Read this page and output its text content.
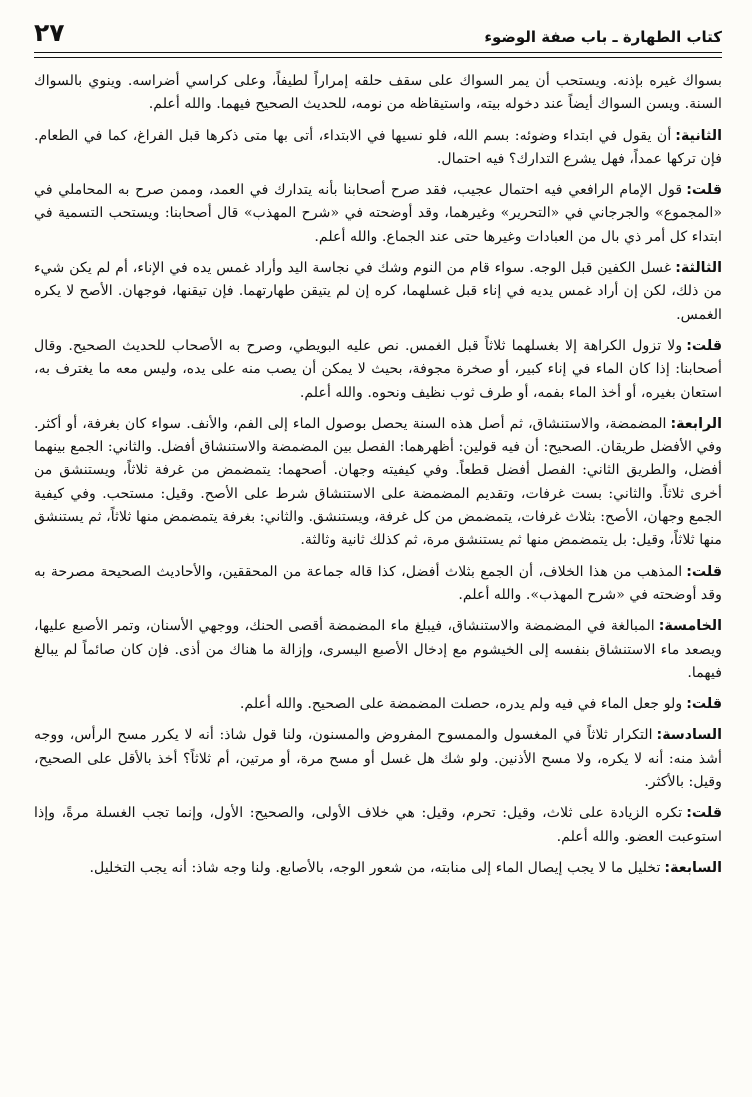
كتاب الطهارة ـ باب صفة الوضوء
٢٧

بسواك غيره بإذنه. ويستحب أن يمر السواك على سقف حلقه إمراراً لطيفاً، وعلى كراسي أضراسه. وينوي بالسواك السنة. ويسن السواك أيضاً عند دخوله بيته، واستيقاظه من نومه، للحديث الصحيح فيهما. والله أعلم.

الثانية:أن يقول في ابتداء وضوئه: بسم الله، فلو نسيها في الابتداء، أتى بها متى ذكرها قبل الفراغ، كما في الطعام. فإن تركها عمداً، فهل يشرع التدارك؟ فيه احتمال.

قلت:قول الإمام الرافعي فيه احتمال عجيب، فقد صرح أصحابنا بأنه يتدارك في العمد، وممن صرح به المحاملي في «المجموع» والجرجاني في «التحرير» وغيرهما، وقد أوضحته في «شرح المهذب» قال أصحابنا: ويستحب التسمية في ابتداء كل أمر ذي بال من العبادات وغيرها حتى عند الجماع. والله أعلم.

الثالثة:غسل الكفين قبل الوجه. سواء قام من النوم وشك في نجاسة اليد وأراد غمس يده في الإناء، أم لم يكن شيء من ذلك، لكن إن أراد غمس يديه في إناء قبل غسلهما، كره إن لم يتيقن طهارتهما. فإن تيقنها، فوجهان. الأصح لا يكره الغمس.

قلت:ولا تزول الكراهة إلا بغسلهما ثلاثاً قبل الغمس. نص عليه البويطي، وصرح به الأصحاب للحديث الصحيح. وقال أصحابنا: إذا كان الماء في إناء كبير، أو صخرة مجوفة، بحيث لا يمكن أن يصب منه على يده، وليس معه ما يغترف به، استعان بغيره، أو أخذ الماء بفمه، أو طرف ثوب نظيف ونحوه. والله أعلم.

الرابعة:المضمضة، والاستنشاق، ثم أصل هذه السنة يحصل بوصول الماء إلى الفم، والأنف. سواء كان بغرفة، أو أكثر. وفي الأفضل طريقان. الصحيح: أن فيه قولين: أظهرهما: الفصل بين المضمضة والاستنشاق أفضل. والثاني: الجمع بينهما أفضل، والطريق الثاني: الفصل أفضل قطعاً. وفي كيفيته وجهان. أصحهما: يتمضمض من غرفة ثلاثاً، ويستنشق من أخرى ثلاثاً. والثاني: بست غرفات، وتقديم المضمضة على الاستنشاق شرط على الأصح. وقيل: مستحب. وفي كيفية الجمع وجهان، الأصح: بثلاث غرفات، يتمضمض من كل غرفة، ويستنشق. والثاني: بغرفة يتمضمض منها ثلاثاً، ثم يستنشق منها ثلاثاً، وقيل: بل يتمضمض منها ثم يستنشق مرة، ثم كذلك ثانية وثالثة.

قلت:المذهب من هذا الخلاف، أن الجمع بثلاث أفضل، كذا قاله جماعة من المحققين، والأحاديث الصحيحة مصرحة به وقد أوضحته في «شرح المهذب». والله أعلم.

الخامسة:المبالغة في المضمضة والاستنشاق، فيبلغ ماء المضمضة أقصى الحنك، ووجهي الأسنان، وتمر الأصبع عليها، ويصعد ماء الاستنشاق بنفسه إلى الخيشوم مع إدخال الأصبع اليسرى، وإزالة ما هناك من أذى. فإن كان صائماً لم يبالغ فيهما.

قلت:ولو جعل الماء في فيه ولم يدره، حصلت المضمضة على الصحيح. والله أعلم.

السادسة:التكرار ثلاثاً في المغسول والممسوح المفروض والمسنون، ولنا قول شاذ: أنه لا يكرر مسح الرأس، ووجه أشذ منه: أنه لا يكره، ولا مسح الأذنين. ولو شك هل غسل أو مسح مرة، أو مرتين، أم ثلاثاً؟ أخذ بالأقل على الصحيح، وقيل: بالأكثر.

قلت:تكره الزيادة على ثلاث، وقيل: تحرم، وقيل: هي خلاف الأولى، والصحيح: الأول، وإنما تجب الغسلة مرةً، وإذا استوعبت العضو. والله أعلم.

السابعة:تخليل ما لا يجب إيصال الماء إلى منابته، من شعور الوجه، بالأصابع. ولنا وجه شاذ: أنه يجب التخليل.
